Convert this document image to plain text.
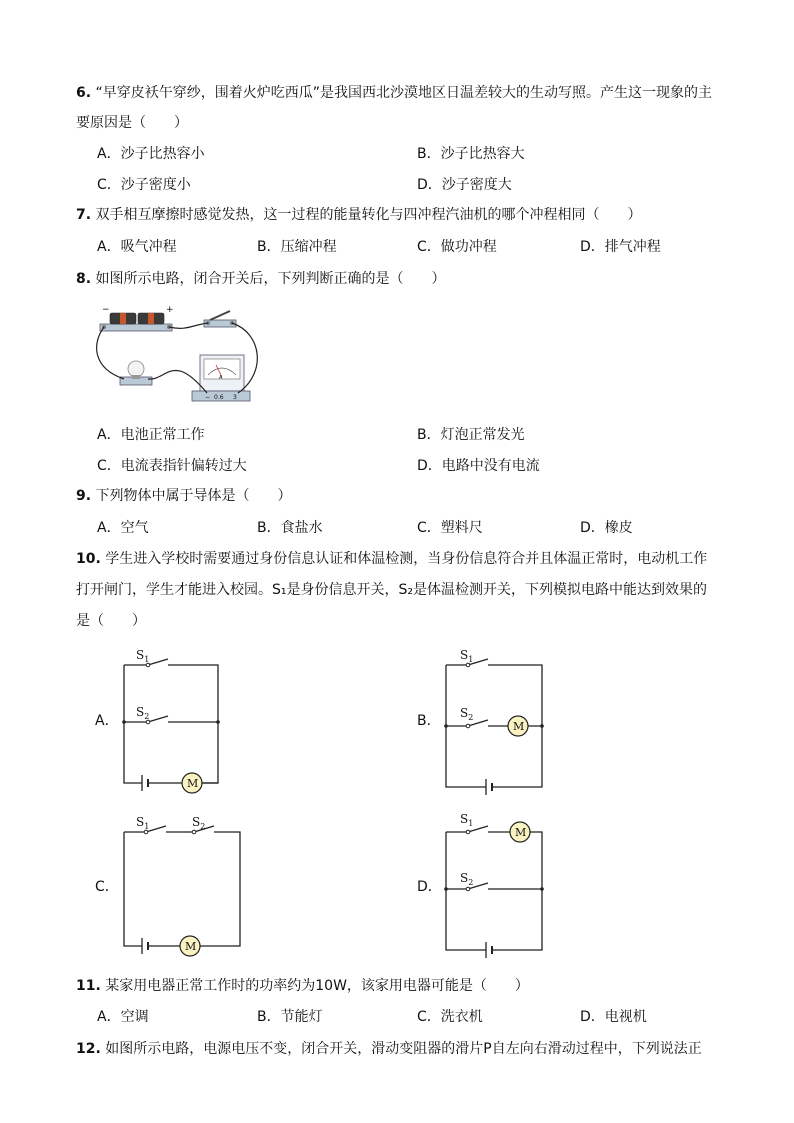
6. “早穿皮袄午穿纱，围着火炉吃西瓜”是我国西北沙漠地区日温差较大的生动写照。产生这一现象的主
要原因是（　　）
A．沙子比热容小	B．沙子比热容大
C．沙子密度小	D．沙子密度大
7. 双手相互摩擦时感觉发热，这一过程的能量转化与四冲程汽油机的哪个冲程相同（　　）
A．吸气冲程	B．压缩冲程	C．做功冲程	D．排气冲程
8. 如图所示电路，闭合开关后，下列判断正确的是（　　）
−	+
A
− 0.6 3
A．电池正常工作	B．灯泡正常发光
C．电流表指针偏转过大	D．电路中没有电流
9. 下列物体中属于导体是（　　）
A．空气	B．食盐水	C．塑料尺	D．橡皮
10. 学生进入学校时需要通过身份信息认证和体温检测，当身份信息符合并且体温正常时，电动机工作
打开闸门，学生才能进入校园。S₁是身份信息开关，S₂是体温检测开关，下列模拟电路中能达到效果的
是（　　）
A．
$S_1$
$S_2$
M
B．
$S_1$
$S_2$
M
C．
$S_1$	$S_2$
M
D．
$S_1$
M
$S_2$
11. 某家用电器正常工作时的功率约为10W，该家用电器可能是（　　）
A．空调	B．节能灯	C．洗衣机	D．电视机
12. 如图所示电路，电源电压不变，闭合开关，滑动变阻器的滑片P自左向右滑动过程中，下列说法正
